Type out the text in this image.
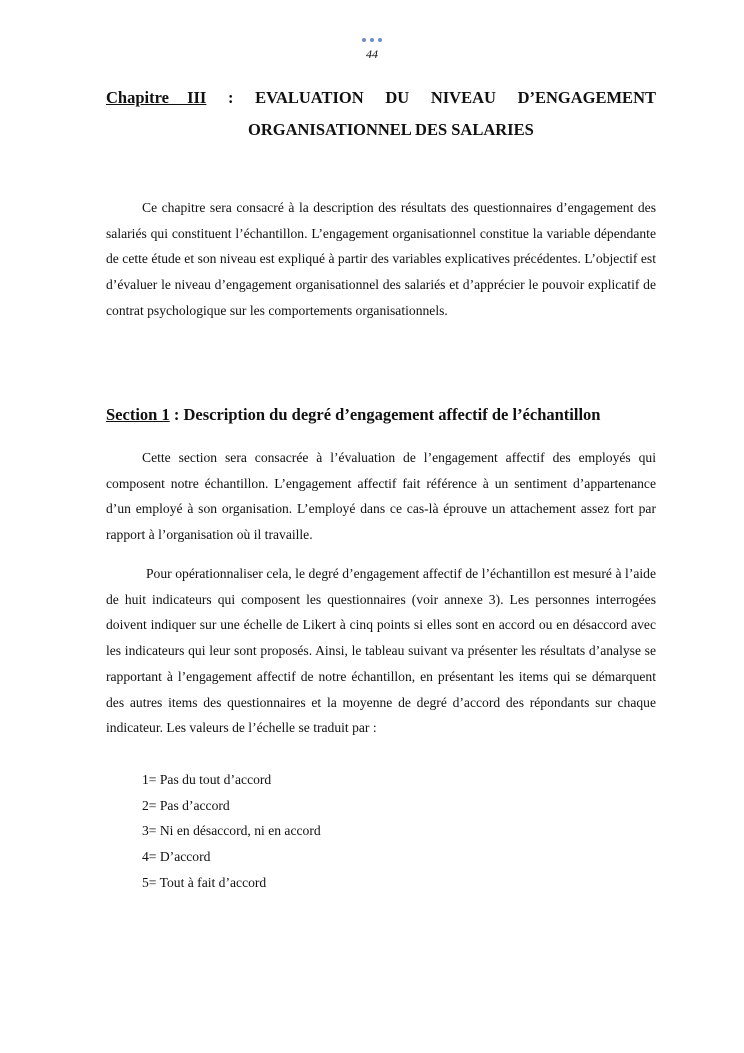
44
Chapitre III : EVALUATION DU NIVEAU D’ENGAGEMENT
ORGANISATIONNEL DES SALARIES

Ce chapitre sera consacré à la description des résultats des questionnaires d’engagement des salariés qui constituent l’échantillon. L’engagement organisationnel constitue la variable dépendante de cette étude et son niveau est expliqué à partir des variables explicatives précédentes. L’objectif est d’évaluer le niveau d’engagement organisationnel des salariés et d’apprécier le pouvoir explicatif de contrat psychologique sur les comportements organisationnels.

Section 1 : Description du degré d’engagement affectif de l’échantillon

Cette section sera consacrée à l’évaluation de l’engagement affectif des employés qui composent notre échantillon. L’engagement affectif fait référence à un sentiment d’appartenance d’un employé à son organisation. L’employé dans ce cas-là éprouve un attachement assez fort par rapport à l’organisation où il travaille.

Pour opérationnaliser cela, le degré d’engagement affectif de l’échantillon est mesuré à l’aide de huit indicateurs qui composent les questionnaires (voir annexe 3). Les personnes interrogées doivent indiquer sur une échelle de Likert à cinq points si elles sont en accord ou en désaccord avec les indicateurs qui leur sont proposés. Ainsi, le tableau suivant va présenter les résultats d’analyse se rapportant à l’engagement affectif de notre échantillon, en présentant les items qui se démarquent des autres items des questionnaires et la moyenne de degré d’accord des répondants sur chaque indicateur. Les valeurs de l’échelle se traduit par :

1= Pas du tout d’accord
2= Pas d’accord
3= Ni en désaccord, ni en accord
4= D’accord
5= Tout à fait d’accord
